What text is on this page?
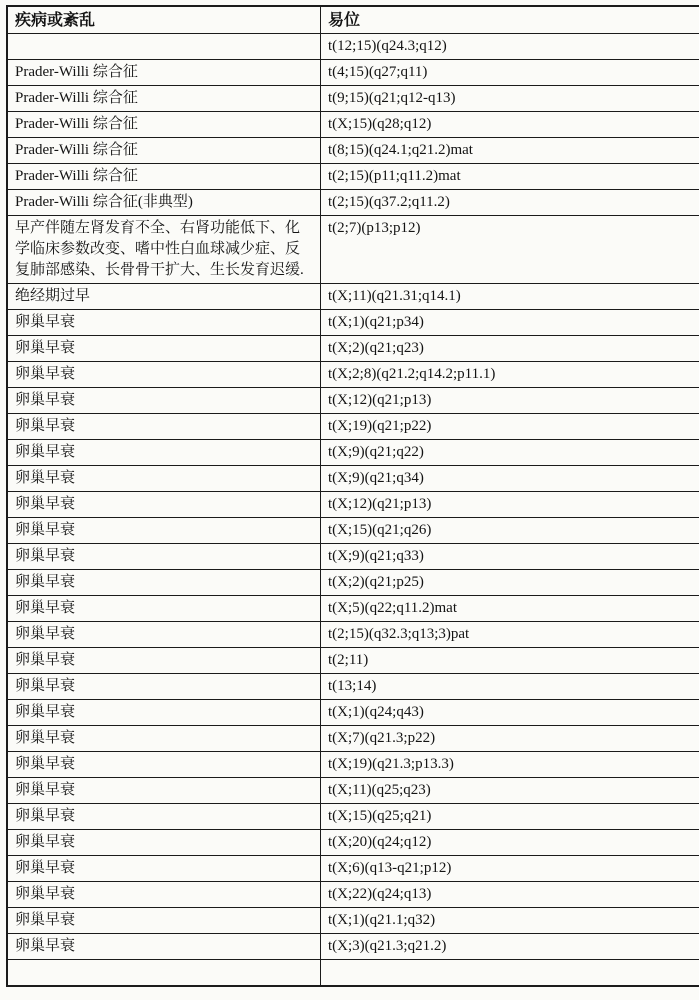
疾病或紊乱	易位
	t(12;15)(q24.3;q12)
Prader-Willi 综合征	t(4;15)(q27;q11)
Prader-Willi 综合征	t(9;15)(q21;q12-q13)
Prader-Willi 综合征	t(X;15)(q28;q12)
Prader-Willi 综合征	t(8;15)(q24.1;q21.2)mat
Prader-Willi 综合征	t(2;15)(p11;q11.2)mat
Prader-Willi 综合征(非典型)	t(2;15)(q37.2;q11.2)
早产伴随左肾发育不全、右肾功能低下、化学临床参数改变、嗜中性白血球减少症、反复肺部感染、长骨骨干扩大、生长发育迟缓.	t(2;7)(p13;p12)
绝经期过早	t(X;11)(q21.31;q14.1)
卵巢早衰	t(X;1)(q21;p34)
卵巢早衰	t(X;2)(q21;q23)
卵巢早衰	t(X;2;8)(q21.2;q14.2;p11.1)
卵巢早衰	t(X;12)(q21;p13)
卵巢早衰	t(X;19)(q21;p22)
卵巢早衰	t(X;9)(q21;q22)
卵巢早衰	t(X;9)(q21;q34)
卵巢早衰	t(X;12)(q21;p13)
卵巢早衰	t(X;15)(q21;q26)
卵巢早衰	t(X;9)(q21;q33)
卵巢早衰	t(X;2)(q21;p25)
卵巢早衰	t(X;5)(q22;q11.2)mat
卵巢早衰	t(2;15)(q32.3;q13;3)pat
卵巢早衰	t(2;11)
卵巢早衰	t(13;14)
卵巢早衰	t(X;1)(q24;q43)
卵巢早衰	t(X;7)(q21.3;p22)
卵巢早衰	t(X;19)(q21.3;p13.3)
卵巢早衰	t(X;11)(q25;q23)
卵巢早衰	t(X;15)(q25;q21)
卵巢早衰	t(X;20)(q24;q12)
卵巢早衰	t(X;6)(q13-q21;p12)
卵巢早衰	t(X;22)(q24;q13)
卵巢早衰	t(X;1)(q21.1;q32)
卵巢早衰	t(X;3)(q21.3;q21.2)
